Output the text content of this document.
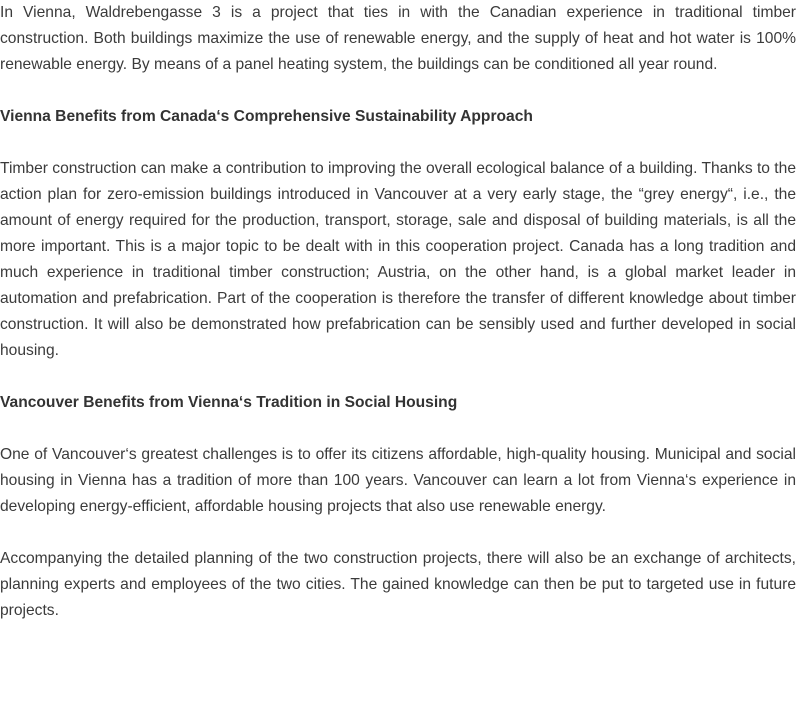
In Vienna, Waldrebengasse 3 is a project that ties in with the Canadian experience in traditional timber construction. Both buildings maximize the use of renewable energy, and the supply of heat and hot water is 100% renewable energy. By means of a panel heating system, the buildings can be conditioned all year round.

Vienna Benefits from Canada‘s Comprehensive Sustainability Approach

Timber construction can make a contribution to improving the overall ecological balance of a building. Thanks to the action plan for zero-emission buildings introduced in Vancouver at a very early stage, the “grey energy“, i.e., the amount of energy required for the production, transport, storage, sale and disposal of building materials, is all the more important. This is a major topic to be dealt with in this cooperation project. Canada has a long tradition and much experience in traditional timber construction; Austria, on the other hand, is a global market leader in automation and prefabrication. Part of the cooperation is therefore the transfer of different knowledge about timber construction. It will also be demonstrated how prefabrication can be sensibly used and further developed in social housing.

Vancouver Benefits from Vienna‘s Tradition in Social Housing

One of Vancouver‘s greatest challenges is to offer its citizens affordable, high-quality housing. Municipal and social housing in Vienna has a tradition of more than 100 years. Vancouver can learn a lot from Vienna‘s experience in developing energy-efficient, affordable housing projects that also use renewable energy.

Accompanying the detailed planning of the two construction projects, there will also be an exchange of architects, planning experts and employees of the two cities. The gained knowledge can then be put to targeted use in future projects.
